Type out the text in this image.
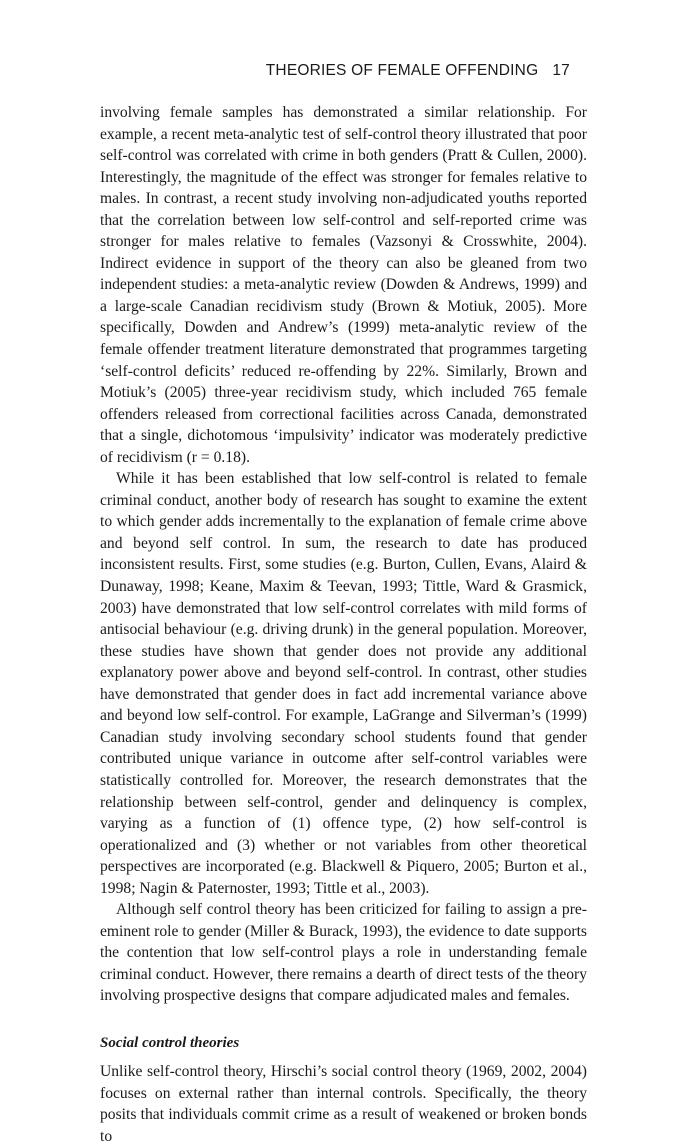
THEORIES OF FEMALE OFFENDING 17

involving female samples has demonstrated a similar relationship. For example, a recent meta-analytic test of self-control theory illustrated that poor self-control was correlated with crime in both genders (Pratt & Cullen, 2000). Interestingly, the magnitude of the effect was stronger for females relative to males. In contrast, a recent study involving non-adjudicated youths reported that the correlation between low self-control and self-reported crime was stronger for males relative to females (Vazsonyi & Crosswhite, 2004). Indirect evidence in support of the theory can also be gleaned from two independent studies: a meta-analytic review (Dowden & Andrews, 1999) and a large-scale Canadian recidivism study (Brown & Motiuk, 2005). More specifically, Dowden and Andrew’s (1999) meta-analytic review of the female offender treatment literature demonstrated that programmes targeting ‘self-control deficits’ reduced re-offending by 22%. Similarly, Brown and Motiuk’s (2005) three-year recidivism study, which included 765 female offenders released from correctional facilities across Canada, demonstrated that a single, dichotomous ‘impulsivity’ indicator was moderately predictive of recidivism (r = 0.18).

While it has been established that low self-control is related to female criminal conduct, another body of research has sought to examine the extent to which gender adds incrementally to the explanation of female crime above and beyond self control. In sum, the research to date has produced inconsistent results. First, some studies (e.g. Burton, Cullen, Evans, Alaird & Dunaway, 1998; Keane, Maxim & Teevan, 1993; Tittle, Ward & Grasmick, 2003) have demonstrated that low self-control correlates with mild forms of antisocial behaviour (e.g. driving drunk) in the general population. Moreover, these studies have shown that gender does not provide any additional explanatory power above and beyond self-control. In contrast, other studies have demonstrated that gender does in fact add incremental variance above and beyond low self-control. For example, LaGrange and Silverman’s (1999) Canadian study involving secondary school students found that gender contributed unique variance in outcome after self-control variables were statistically controlled for. Moreover, the research demonstrates that the relationship between self-control, gender and delinquency is complex, varying as a function of (1) offence type, (2) how self-control is operationalized and (3) whether or not variables from other theoretical perspectives are incorporated (e.g. Blackwell & Piquero, 2005; Burton et al., 1998; Nagin & Paternoster, 1993; Tittle et al., 2003).

Although self control theory has been criticized for failing to assign a pre-eminent role to gender (Miller & Burack, 1993), the evidence to date supports the contention that low self-control plays a role in understanding female criminal conduct. However, there remains a dearth of direct tests of the theory involving prospective designs that compare adjudicated males and females.

Social control theories

Unlike self-control theory, Hirschi’s social control theory (1969, 2002, 2004) focuses on external rather than internal controls. Specifically, the theory posits that individuals commit crime as a result of weakened or broken bonds to
